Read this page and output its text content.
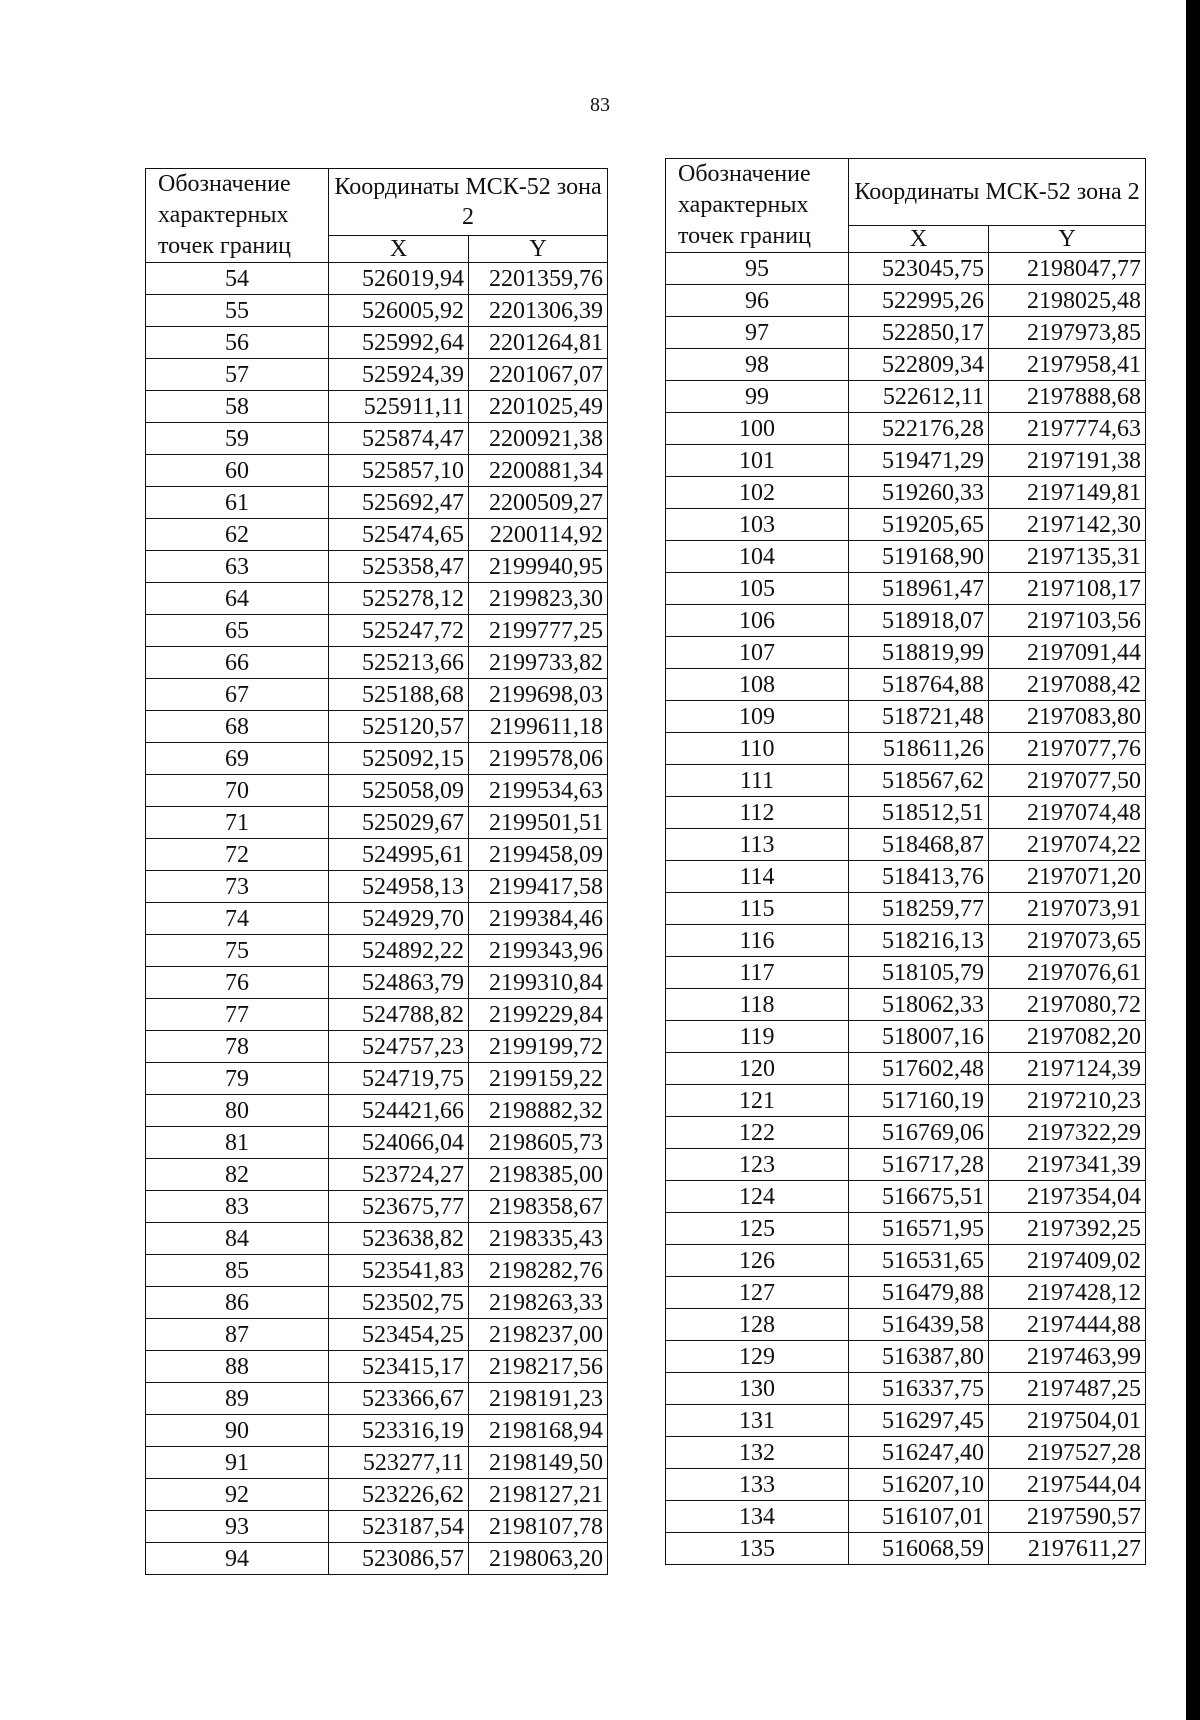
83
Обозначение характерных точек границ	Координаты МСК-52 зона 2	
	X	Y
54	526019,94	2201359,76
55	526005,92	2201306,39
56	525992,64	2201264,81
57	525924,39	2201067,07
58	525911,11	2201025,49
59	525874,47	2200921,38
60	525857,10	2200881,34
61	525692,47	2200509,27
62	525474,65	2200114,92
63	525358,47	2199940,95
64	525278,12	2199823,30
65	525247,72	2199777,25
66	525213,66	2199733,82
67	525188,68	2199698,03
68	525120,57	2199611,18
69	525092,15	2199578,06
70	525058,09	2199534,63
71	525029,67	2199501,51
72	524995,61	2199458,09
73	524958,13	2199417,58
74	524929,70	2199384,46
75	524892,22	2199343,96
76	524863,79	2199310,84
77	524788,82	2199229,84
78	524757,23	2199199,72
79	524719,75	2199159,22
80	524421,66	2198882,32
81	524066,04	2198605,73
82	523724,27	2198385,00
83	523675,77	2198358,67
84	523638,82	2198335,43
85	523541,83	2198282,76
86	523502,75	2198263,33
87	523454,25	2198237,00
88	523415,17	2198217,56
89	523366,67	2198191,23
90	523316,19	2198168,94
91	523277,11	2198149,50
92	523226,62	2198127,21
93	523187,54	2198107,78
94	523086,57	2198063,20
Обозначение характерных точек границ	Координаты МСК-52 зона 2	
	X	Y
95	523045,75	2198047,77
96	522995,26	2198025,48
97	522850,17	2197973,85
98	522809,34	2197958,41
99	522612,11	2197888,68
100	522176,28	2197774,63
101	519471,29	2197191,38
102	519260,33	2197149,81
103	519205,65	2197142,30
104	519168,90	2197135,31
105	518961,47	2197108,17
106	518918,07	2197103,56
107	518819,99	2197091,44
108	518764,88	2197088,42
109	518721,48	2197083,80
110	518611,26	2197077,76
111	518567,62	2197077,50
112	518512,51	2197074,48
113	518468,87	2197074,22
114	518413,76	2197071,20
115	518259,77	2197073,91
116	518216,13	2197073,65
117	518105,79	2197076,61
118	518062,33	2197080,72
119	518007,16	2197082,20
120	517602,48	2197124,39
121	517160,19	2197210,23
122	516769,06	2197322,29
123	516717,28	2197341,39
124	516675,51	2197354,04
125	516571,95	2197392,25
126	516531,65	2197409,02
127	516479,88	2197428,12
128	516439,58	2197444,88
129	516387,80	2197463,99
130	516337,75	2197487,25
131	516297,45	2197504,01
132	516247,40	2197527,28
133	516207,10	2197544,04
134	516107,01	2197590,57
135	516068,59	2197611,27
